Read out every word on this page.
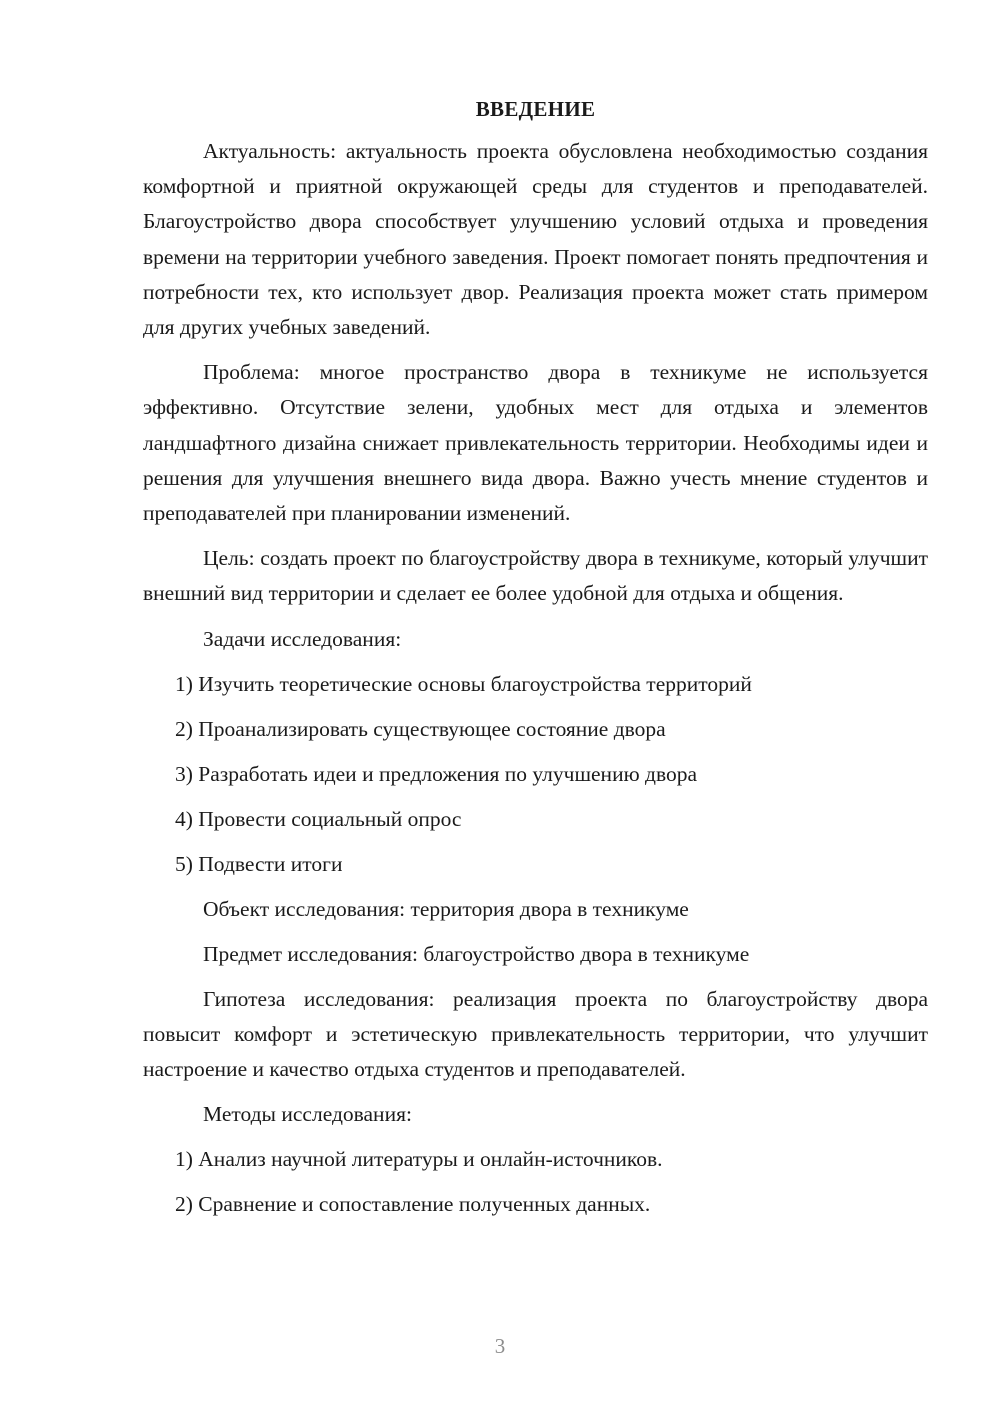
ВВЕДЕНИЕ

Актуальность: актуальность проекта обусловлена необходимостью создания комфортной и приятной окружающей среды для студентов и преподавателей. Благоустройство двора способствует улучшению условий отдыха и проведения времени на территории учебного заведения. Проект помогает понять предпочтения и потребности тех, кто использует двор. Реализация проекта может стать примером для других учебных заведений.

Проблема: многое пространство двора в техникуме не используется эффективно. Отсутствие зелени, удобных мест для отдыха и элементов ландшафтного дизайна снижает привлекательность территории. Необходимы идеи и решения для улучшения внешнего вида двора. Важно учесть мнение студентов и преподавателей при планировании изменений.

Цель: создать проект по благоустройству двора в техникуме, который улучшит внешний вид территории и сделает ее более удобной для отдыха и общения.

Задачи исследования:
1) Изучить теоретические основы благоустройства территорий
2) Проанализировать существующее состояние двора
3) Разработать идеи и предложения по улучшению двора
4) Провести социальный опрос
5) Подвести итоги
Объект исследования: территория двора в техникуме
Предмет исследования: благоустройство двора в техникуме

Гипотеза исследования: реализация проекта по благоустройству двора повысит комфорт и эстетическую привлекательность территории, что улучшит настроение и качество отдыха студентов и преподавателей.

Методы исследования:
1) Анализ научной литературы и онлайн-источников.
2) Сравнение и сопоставление полученных данных.
3
